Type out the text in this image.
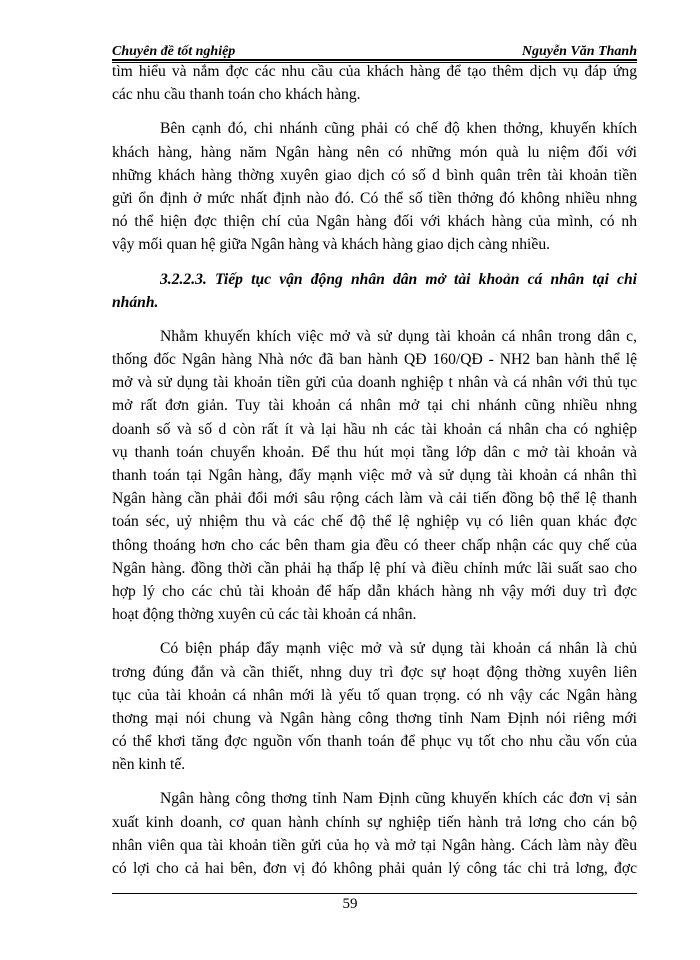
Chuyên đề tốt nghiệp	Nguyễn Văn Thanh
tìm hiểu và nắm đợc các nhu cầu của khách hàng để tạo thêm dịch vụ đáp ứng
các nhu cầu thanh toán cho khách hàng.
Bên cạnh đó, chi nhánh cũng phải có chế độ khen thởng, khuyến khích
khách hàng, hàng năm Ngân hàng nên có những món quà lu niệm đối với
những khách hàng thờng xuyên giao dịch có số d bình quân trên tài khoản tiền
gửi ổn định ở mức nhất định nào đó. Có thể số tiền thởng đó không nhiều nhng
nó thể hiện đợc thiện chí của Ngân hàng đối với khách hàng của mình, có nh
vậy mối quan hệ giữa Ngân hàng và khách hàng giao dịch càng nhiều.
3.2.2.3. Tiếp tục vận động nhân dân mở tài khoản cá nhân tại chi
nhánh.
Nhằm khuyến khích việc mở và sử dụng tài khoản cá nhân trong dân c,
thống đốc Ngân hàng Nhà nớc đã ban hành QĐ 160/QĐ - NH2 ban hành thể lệ
mở và sử dụng tài khoản tiền gửi của doanh nghiệp t nhân và cá nhân với thủ tục
mở rất đơn giản. Tuy tài khoản cá nhân mở tại chi nhánh cũng nhiều nhng
doanh số và số d còn rất ít và lại hầu nh các tài khoản cá nhân cha có nghiệp
vụ thanh toán chuyển khoản. Để thu hút mọi tầng lớp dân c mở tài khoản và
thanh toán tại Ngân hàng, đẩy mạnh việc mở và sử dụng tài khoản cá nhân thì
Ngân hàng cần phải đổi mới sâu rộng cách làm và cải tiến đồng bộ thể lệ thanh
toán séc, uỷ nhiệm thu và các chế độ thể lệ nghiệp vụ có liên quan khác đợc
thông thoáng hơn cho các bên tham gia đều có theer chấp nhận các quy chế của
Ngân hàng. đồng thời cần phải hạ thấp lệ phí và điều chỉnh mức lãi suất sao cho
hợp lý cho các chủ tài khoản để hấp dẫn khách hàng nh vậy mới duy trì đợc
hoạt động thờng xuyên củ các tài khoản cá nhân.
Có biện pháp đẩy mạnh việc mở và sử dụng tài khoản cá nhân là chủ
trơng đúng đắn và cần thiết, nhng duy trì đợc sự hoạt động thờng xuyên liên
tục của tài khoản cá nhân mới là yếu tố quan trọng. có nh vậy các Ngân hàng
thơng mại nói chung và Ngân hàng công thơng tỉnh Nam Định nói riêng mới
có thể khơi tăng đợc nguồn vốn thanh toán để phục vụ tốt cho nhu cầu vốn của
nền kinh tế.
Ngân hàng công thơng tỉnh Nam Định cũng khuyến khích các đơn vị sản
xuất kinh doanh, cơ quan hành chính sự nghiệp tiến hành trả lơng cho cán bộ
nhân viên qua tài khoản tiền gửi của họ và mở tại Ngân hàng. Cách làm này đều
có lợi cho cả hai bên, đơn vị đó không phải quản lý công tác chi trả lơng, đợc
59
